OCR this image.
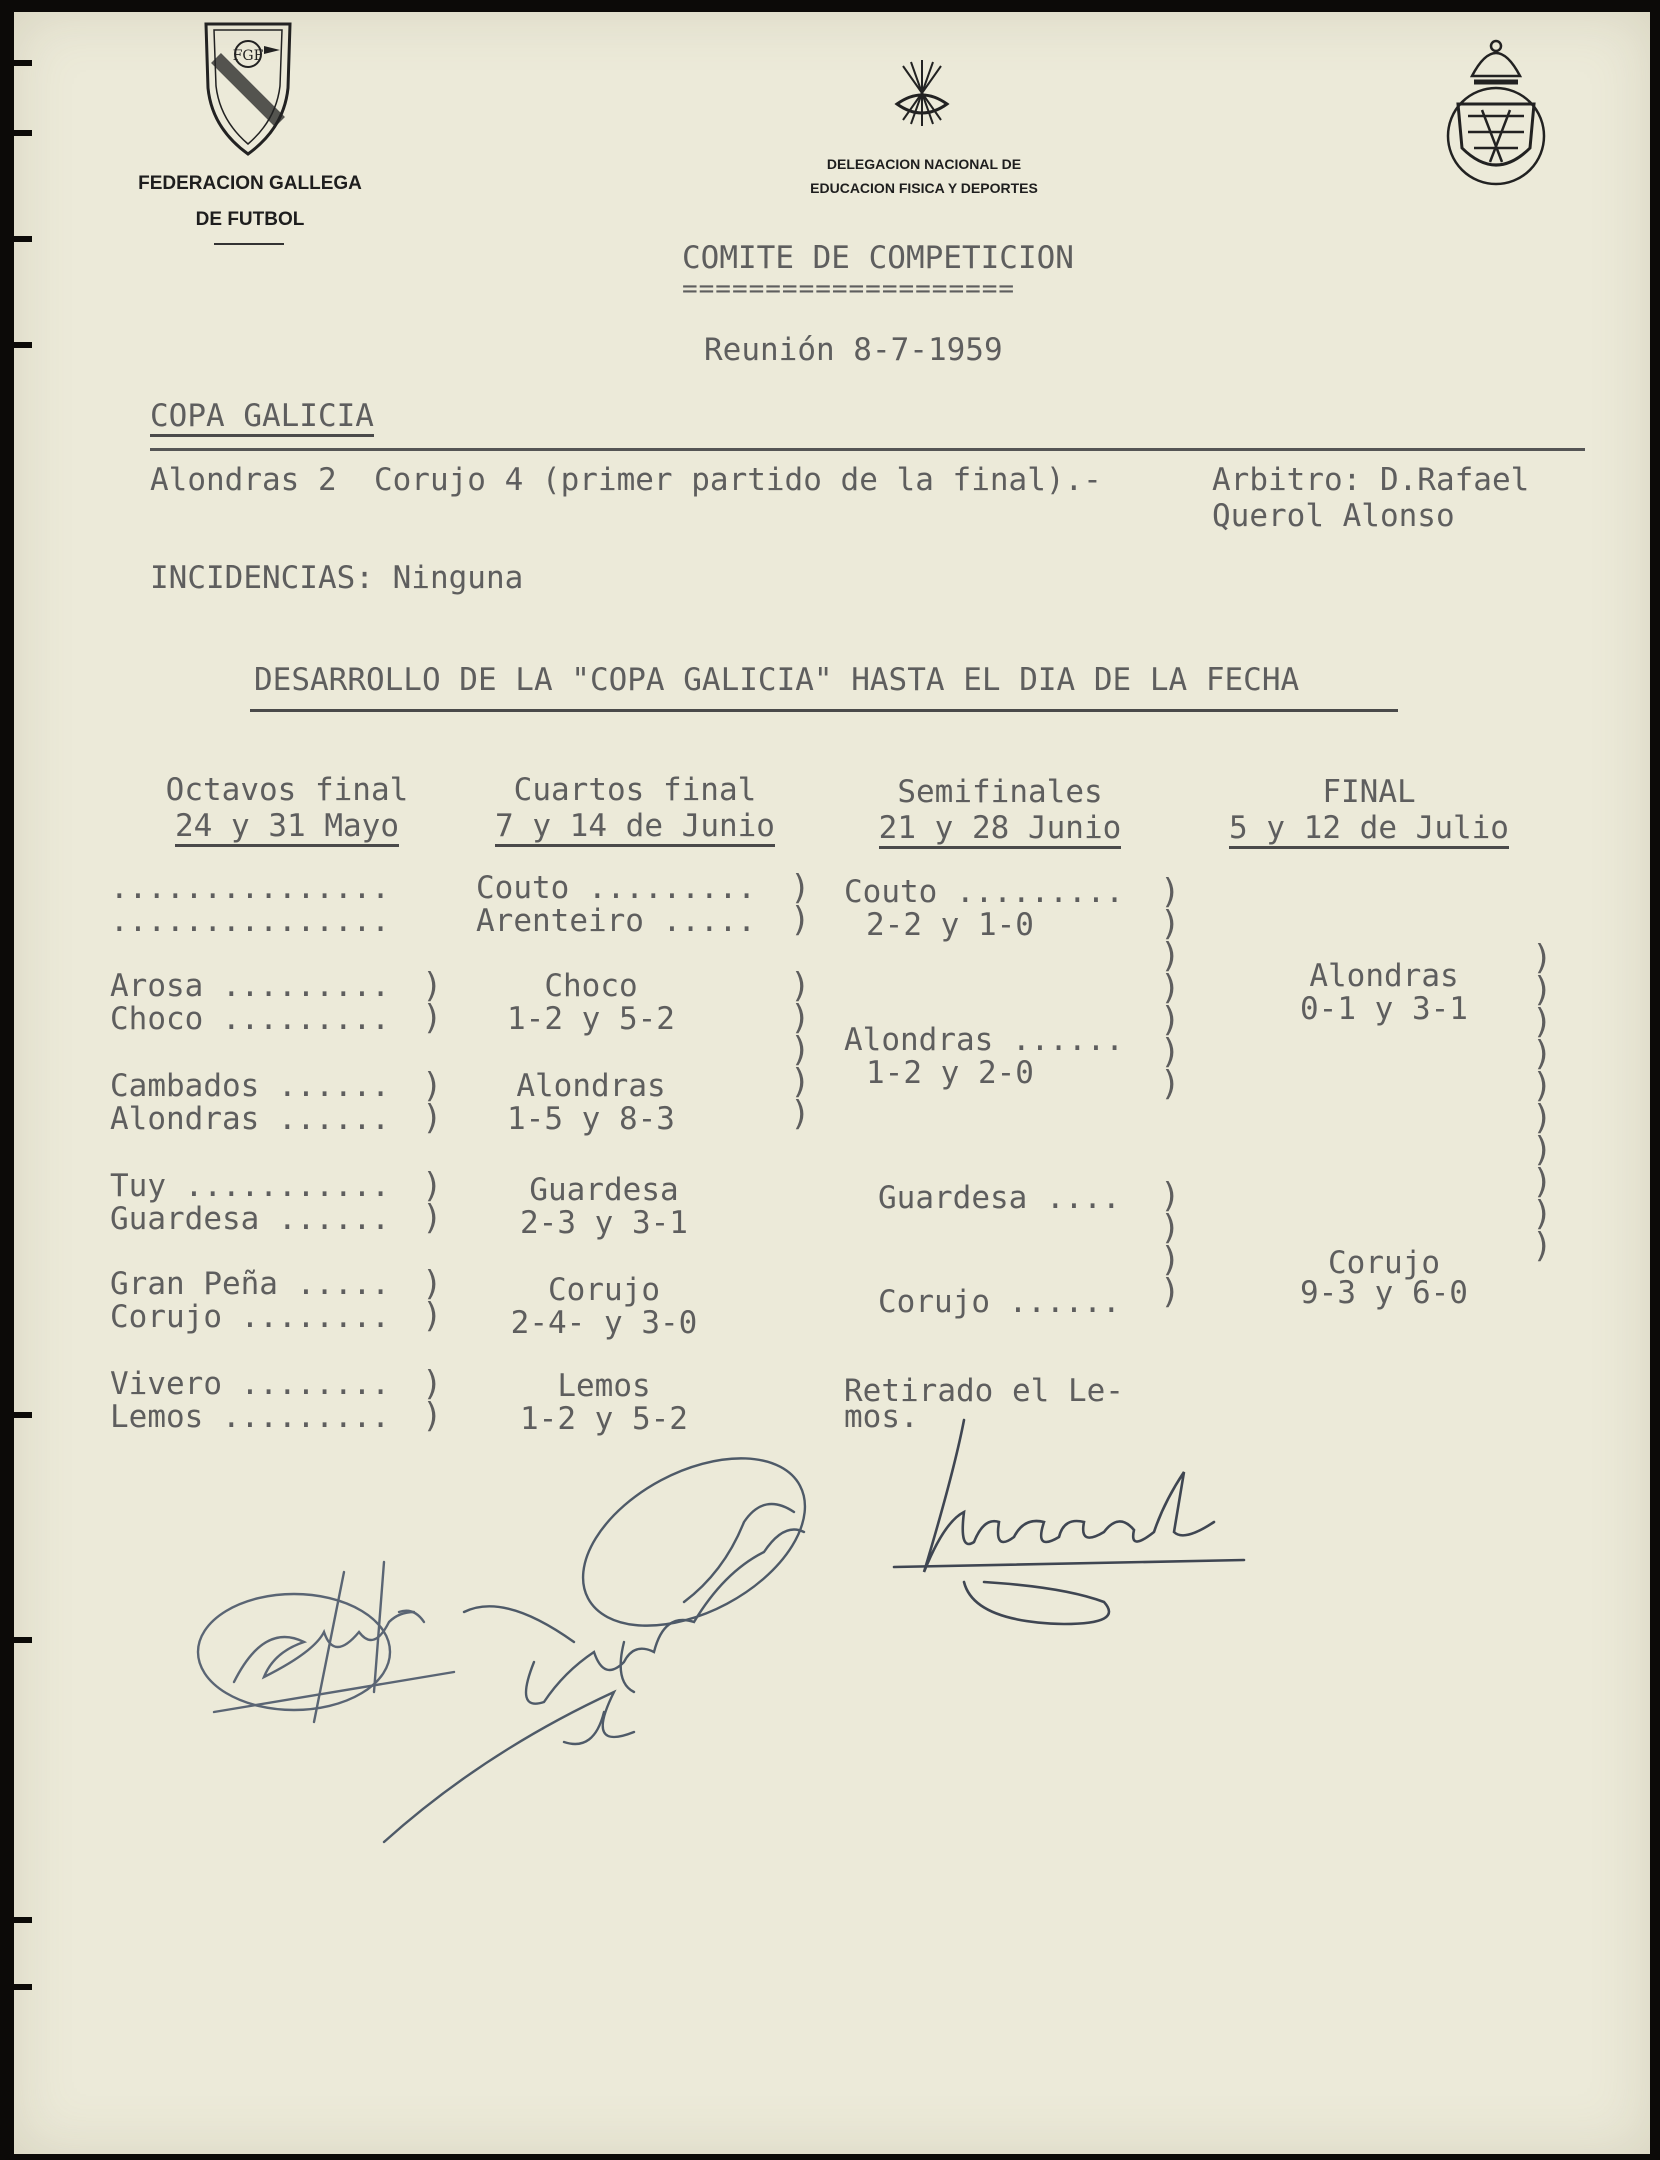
FGF
FEDERACION GALLEGA
DE FUTBOL
DELEGACION NACIONAL DE
EDUCACION FISICA Y DEPORTES
COMITE DE COMPETICION
====================
Reunión 8-7-1959
COPA GALICIA
Alondras 2  Corujo 4 (primer partido de la final).-	Arbitro: D.Rafael
Querol Alonso
INCIDENCIAS: Ninguna
DESARROLLO DE LA "COPA GALICIA" HASTA EL DIA DE LA FECHA
Octavos final
24 y 31 Mayo
Cuartos final
7 y 14 de Junio
Semifinales
21 y 28 Junio
FINAL
5 y 12 de Julio
...............
...............
Arosa .........
Choco .........
Cambados ......
Alondras ......
Tuy ...........
Guardesa ......
Gran Peña .....
Corujo ........
Vivero ........
Lemos .........
)
)
)
)
)
)
)
)
)
)
Couto .........
Arenteiro .....
)
)
Choco
1-2 y 5-2
Alondras
1-5 y 8-3
)
)
)
)
)
Guardesa
2-3 y 3-1
Corujo
2-4- y 3-0
Lemos
1-2 y 5-2
Couto .........
2-2 y 1-0
Alondras ......
1-2 y 2-0
)
)
)
)
)
)
)
Guardesa ....
Corujo ......
)
)
)
)
Retirado el Le-
mos.
Alondras
0-1 y 3-1
Corujo
9-3 y 6-0
)
)
)
)
)
)
)
)
)
)
